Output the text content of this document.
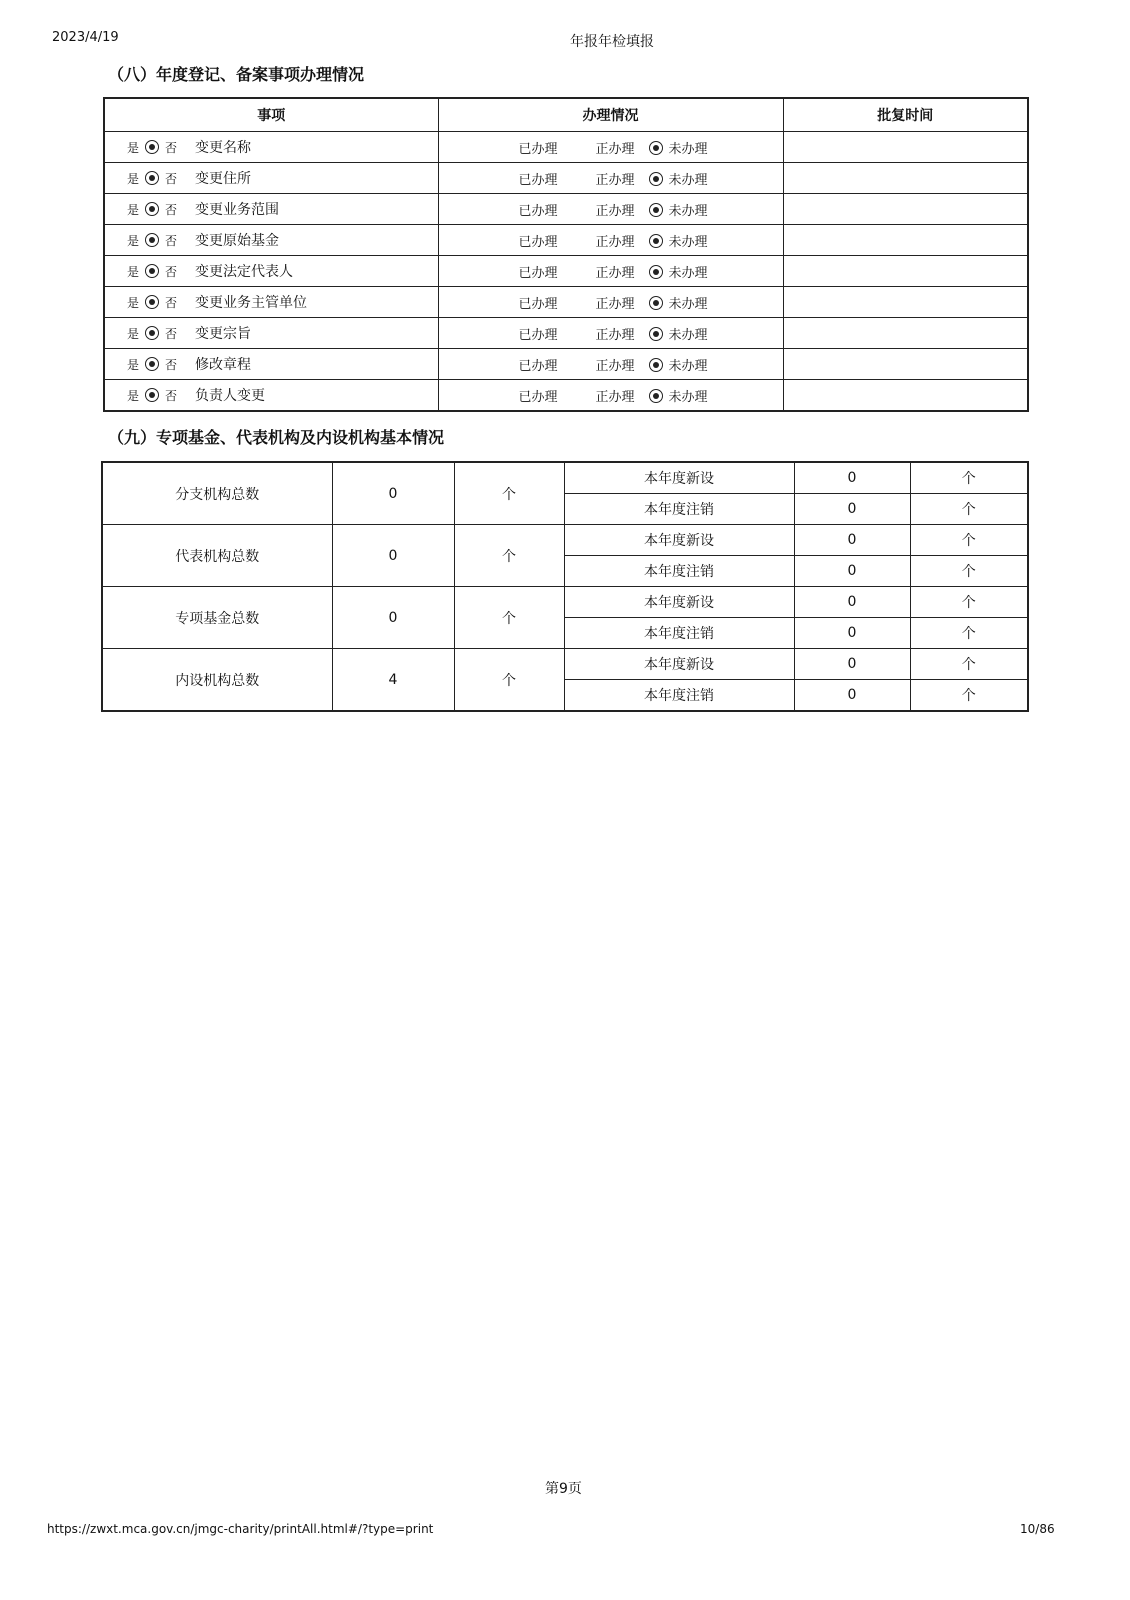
2023/4/19	年报年检填报
（八）年度登记、备案事项办理情况
事项	办理情况	批复时间
是 否 变更名称	已办理 正办理 未办理	
是 否 变更住所	已办理 正办理 未办理	
是 否 变更业务范围	已办理 正办理 未办理	
是 否 变更原始基金	已办理 正办理 未办理	
是 否 变更法定代表人	已办理 正办理 未办理	
是 否 变更业务主管单位	已办理 正办理 未办理	
是 否 变更宗旨	已办理 正办理 未办理	
是 否 修改章程	已办理 正办理 未办理	
是 否 负责人变更	已办理 正办理 未办理	
（九）专项基金、代表机构及内设机构基本情况
分支机构总数	0	个	本年度新设	0	个
			本年度注销	0	个
代表机构总数	0	个	本年度新设	0	个
			本年度注销	0	个
专项基金总数	0	个	本年度新设	0	个
			本年度注销	0	个
内设机构总数	4	个	本年度新设	0	个
			本年度注销	0	个
第9页
https://zwxt.mca.gov.cn/jmgc-charity/printAll.html#/?type=print	10/86
